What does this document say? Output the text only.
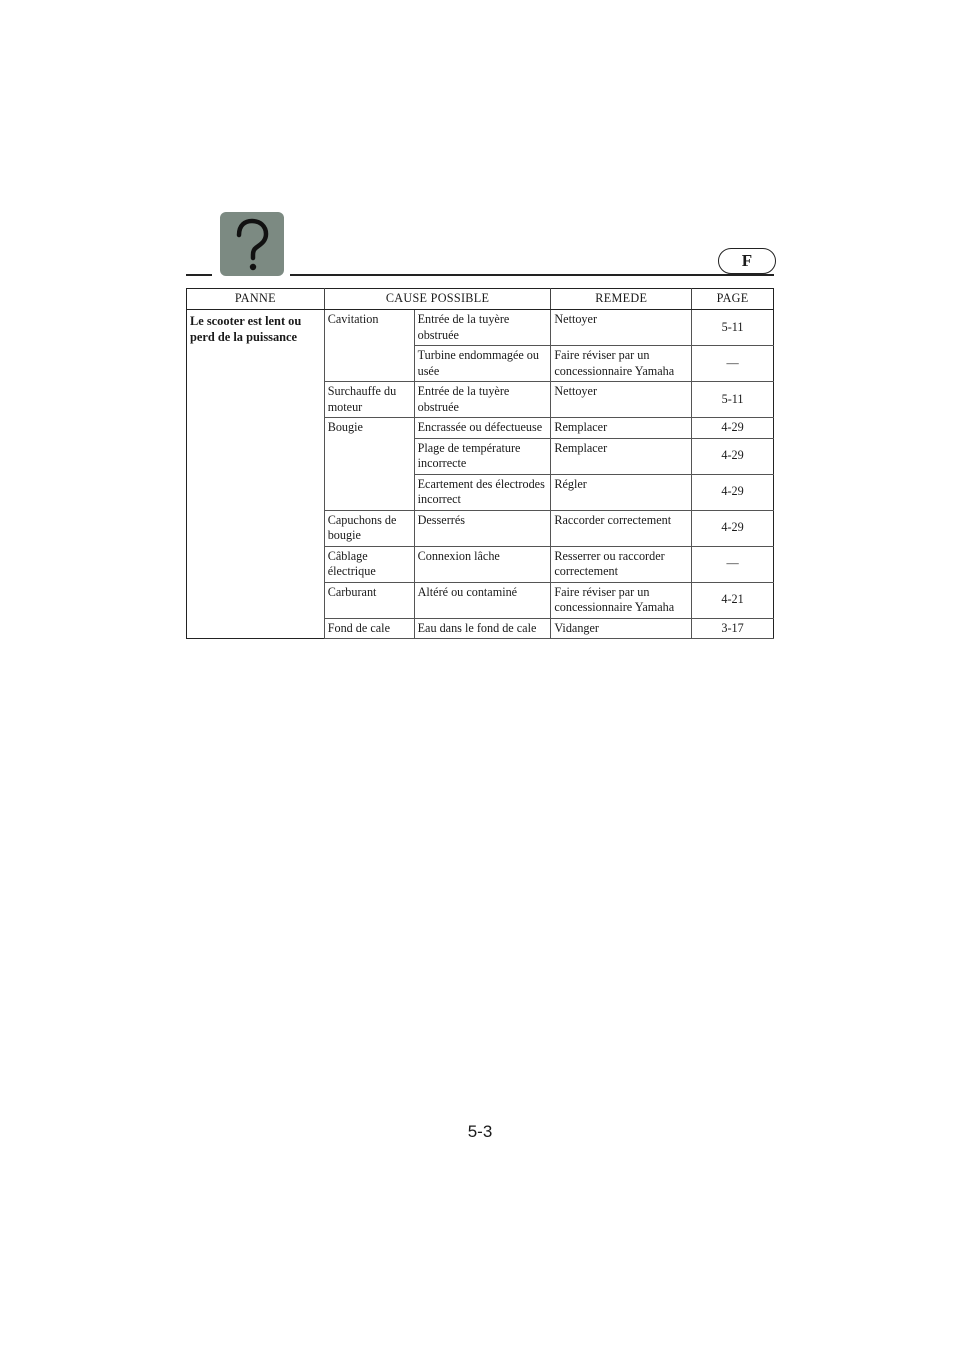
F
PANNE	CAUSE POSSIBLE		REMEDE	PAGE
Le scooter est lent ou perd de la puissance	Cavitation	Entrée de la tuyère obstruée	Nettoyer	5-11
		Turbine endommagée ou usée	Faire réviser par un concessionnaire Yamaha	—
	Surchauffe du moteur	Entrée de la tuyère obstruée	Nettoyer	5-11
	Bougie	Encrassée ou défectueuse	Remplacer	4-29
		Plage de température incorrecte	Remplacer	4-29
		Ecartement des électrodes incorrect	Régler	4-29
	Capuchons de bougie	Desserrés	Raccorder correctement	4-29
	Câblage électrique	Connexion lâche	Resserrer ou raccorder correctement	—
	Carburant	Altéré ou contaminé	Faire réviser par un concessionnaire Yamaha	4-21
	Fond de cale	Eau dans le fond de cale	Vidanger	3-17
5-3
